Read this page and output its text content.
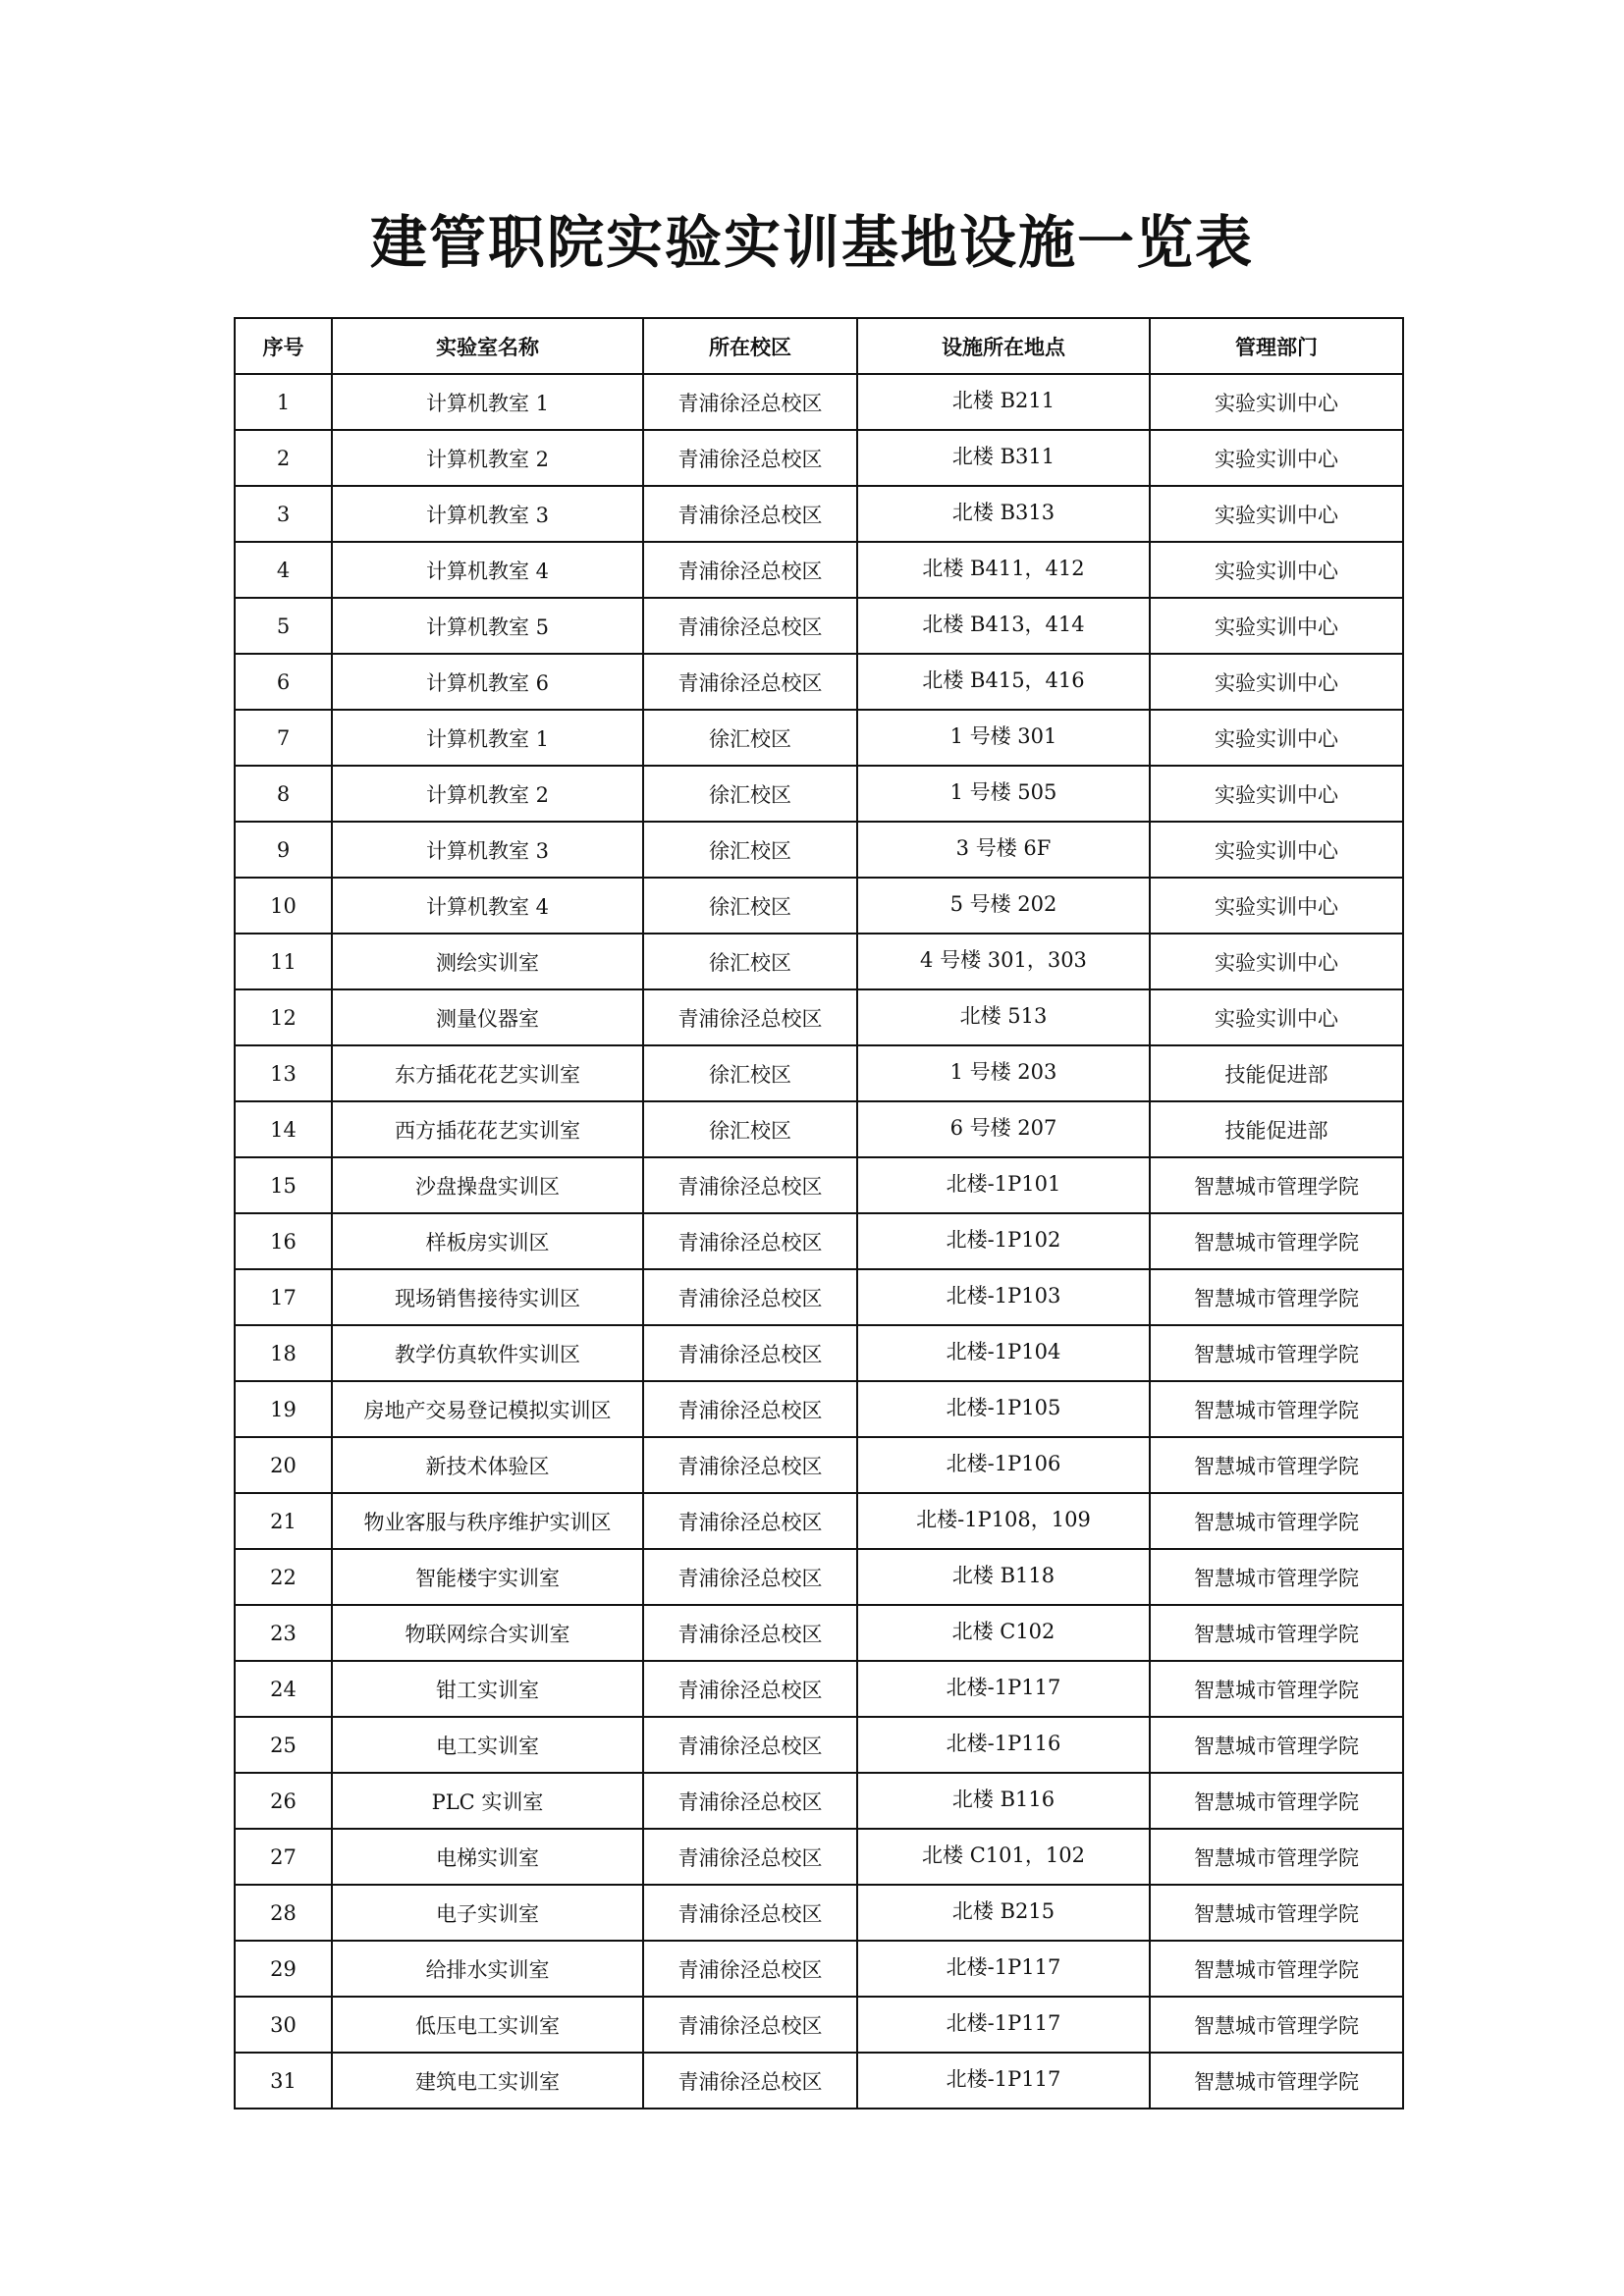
建管职院实验实训基地设施一览表
序号	实验室名称	所在校区	设施所在地点	管理部门
1	计算机教室 1	青浦徐泾总校区	北楼 B211	实验实训中心
2	计算机教室 2	青浦徐泾总校区	北楼 B311	实验实训中心
3	计算机教室 3	青浦徐泾总校区	北楼 B313	实验实训中心
4	计算机教室 4	青浦徐泾总校区	北楼 B411，412	实验实训中心
5	计算机教室 5	青浦徐泾总校区	北楼 B413，414	实验实训中心
6	计算机教室 6	青浦徐泾总校区	北楼 B415，416	实验实训中心
7	计算机教室 1	徐汇校区	1 号楼 301	实验实训中心
8	计算机教室 2	徐汇校区	1 号楼 505	实验实训中心
9	计算机教室 3	徐汇校区	3 号楼 6F	实验实训中心
10	计算机教室 4	徐汇校区	5 号楼 202	实验实训中心
11	测绘实训室	徐汇校区	4 号楼 301，303	实验实训中心
12	测量仪器室	青浦徐泾总校区	北楼 513	实验实训中心
13	东方插花花艺实训室	徐汇校区	1 号楼 203	技能促进部
14	西方插花花艺实训室	徐汇校区	6 号楼 207	技能促进部
15	沙盘操盘实训区	青浦徐泾总校区	北楼-1P101	智慧城市管理学院
16	样板房实训区	青浦徐泾总校区	北楼-1P102	智慧城市管理学院
17	现场销售接待实训区	青浦徐泾总校区	北楼-1P103	智慧城市管理学院
18	教学仿真软件实训区	青浦徐泾总校区	北楼-1P104	智慧城市管理学院
19	房地产交易登记模拟实训区	青浦徐泾总校区	北楼-1P105	智慧城市管理学院
20	新技术体验区	青浦徐泾总校区	北楼-1P106	智慧城市管理学院
21	物业客服与秩序维护实训区	青浦徐泾总校区	北楼-1P108，109	智慧城市管理学院
22	智能楼宇实训室	青浦徐泾总校区	北楼 B118	智慧城市管理学院
23	物联网综合实训室	青浦徐泾总校区	北楼 C102	智慧城市管理学院
24	钳工实训室	青浦徐泾总校区	北楼-1P117	智慧城市管理学院
25	电工实训室	青浦徐泾总校区	北楼-1P116	智慧城市管理学院
26	PLC 实训室	青浦徐泾总校区	北楼 B116	智慧城市管理学院
27	电梯实训室	青浦徐泾总校区	北楼 C101，102	智慧城市管理学院
28	电子实训室	青浦徐泾总校区	北楼 B215	智慧城市管理学院
29	给排水实训室	青浦徐泾总校区	北楼-1P117	智慧城市管理学院
30	低压电工实训室	青浦徐泾总校区	北楼-1P117	智慧城市管理学院
31	建筑电工实训室	青浦徐泾总校区	北楼-1P117	智慧城市管理学院
